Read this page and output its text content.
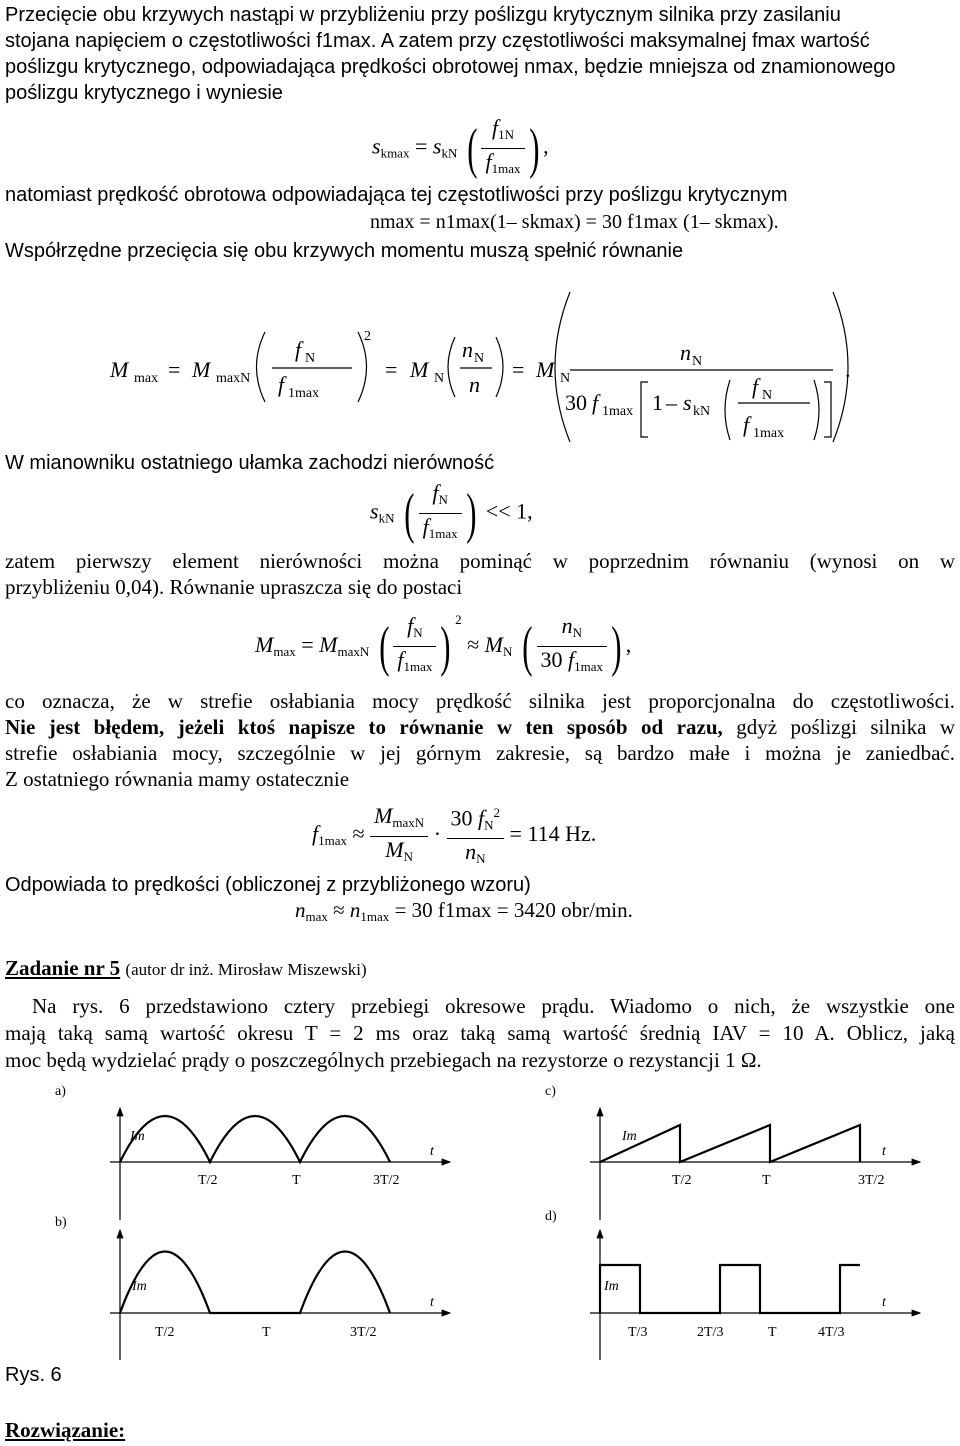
Przecięcie obu krzywych nastąpi w przybliżeniu przy poślizgu krytycznym silnika przy zasilaniu
stojana napięciem o częstotliwości f1max. A zatem przy częstotliwości maksymalnej fmax wartość
poślizgu krytycznego, odpowiadająca prędkości obrotowej nmax, będzie mniejsza od znamionowego
poślizgu krytycznego i wyniesie
$s_{kmax} = s_{kN}$ ( $\frac{f_{1N}}{f_{1max}}$ ) ,
natomiast prędkość obrotowa odpowiadająca tej częstotliwości przy poślizgu krytycznym
nmax = n1max(1– skmax) = 30 f1max (1– skmax).
Współrzędne przecięcia się obu krzywych momentu muszą spełnić równanie
M max = M maxN
f N
f 1max
2
= M N
n N
n
= M N
n N
30 f 1max 1 – s kN
f N
f 1max
.
W mianowniku ostatniego ułamka zachodzi nierówność
$s_{kN}$ ( $\frac{f_N}{f_{1max}}$ ) << 1,
zatem pierwszy element nierówności można pominąć w poprzednim równaniu (wynosi on w
przybliżeniu 0,04). Równanie upraszcza się do postaci
$M_{max} = M_{maxN}$ ( $\frac{f_N}{f_{1max}}$ ) $^2 \approx M_N$ ( $\frac{n_N}{30 f_{1max}}$ ) ,
co oznacza, że w strefie osłabiania mocy prędkość silnika jest proporcjonalna do częstotliwości.
Nie jest błędem, jeżeli ktoś napisze to równanie w ten sposób od razu, gdyż poślizgi silnika w
strefie osłabiania mocy, szczególnie w jej górnym zakresie, są bardzo małe i można je zaniedbać.
Z ostatniego równania mamy ostatecznie
$f_{1max} \approx \frac{M_{maxN}}{M_N} \cdot \frac{30 f_N^2}{n_N} = 114$ Hz.
Odpowiada to prędkości (obliczonej z przybliżonego wzoru)
$n_{max} \approx n_{1max} = 30$ f1max = 3420 obr/min.
Zadanie nr 5 (autor dr inż. Mirosław Miszewski)
Na rys. 6 przedstawiono cztery przebiegi okresowe prądu. Wiadomo o nich, że wszystkie one
mają taką samą wartość okresu T = 2 ms oraz taką samą wartość średnią IAV = 10 A. Oblicz, jaką
moc będą wydzielać prądy o poszczególnych przebiegach na rezystorze o rezystancji 1 Ω.
a)
Im
t
T/2	T	3T/2
c)
Im
t
T/2	T	3T/2
b)
Im
t
T/2	T	3T/2
d)
Im
t
T/3	2T/3	T	4T/3
Rys. 6
Rozwiązanie:
